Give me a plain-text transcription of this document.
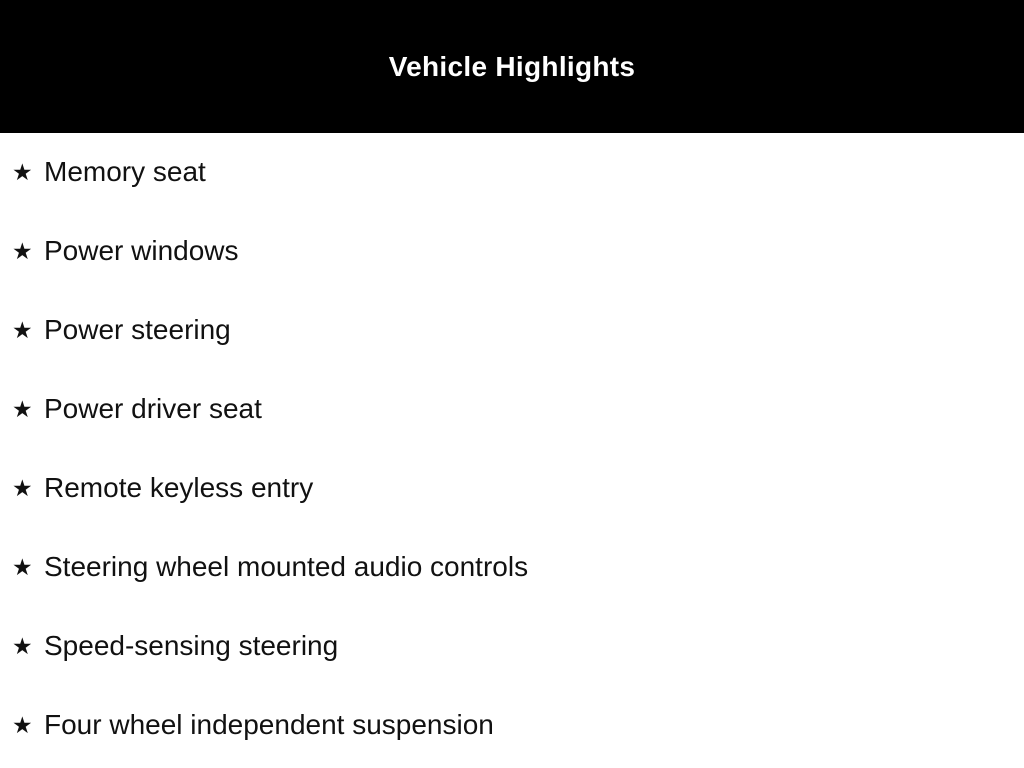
Vehicle Highlights
★ Memory seat
★ Power windows
★ Power steering
★ Power driver seat
★ Remote keyless entry
★ Steering wheel mounted audio controls
★ Speed-sensing steering
★ Four wheel independent suspension
